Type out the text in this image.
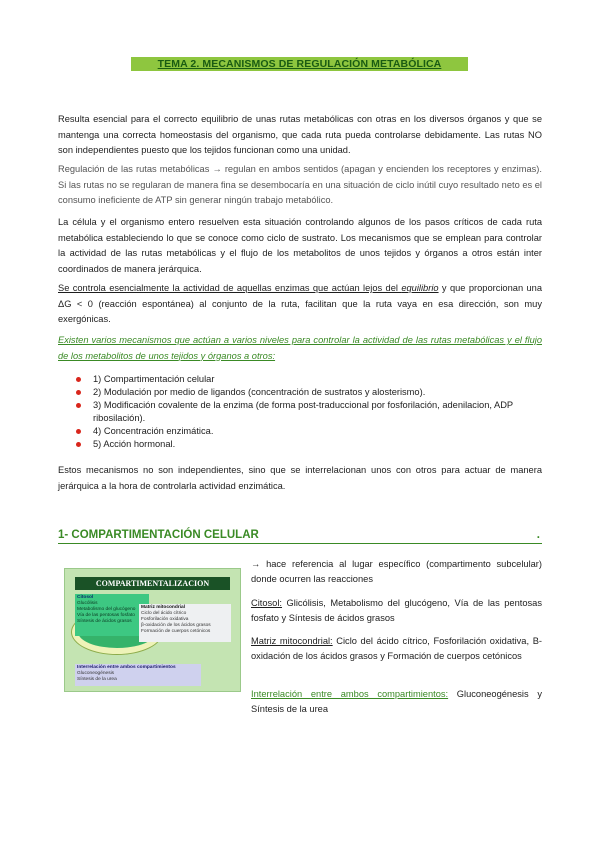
TEMA 2. MECANISMOS DE REGULACIÓN METABÓLICA
Resulta esencial para el correcto equilibrio de unas rutas metabólicas con otras en los diversos órganos y que se mantenga una correcta homeostasis del organismo, que cada ruta pueda controlarse debidamente. Las rutas NO son independientes puesto que los tejidos funcionan como una unidad.
Regulación de las rutas metabólicas → regulan en ambos sentidos (apagan y encienden los receptores y enzimas). Si las rutas no se regularan de manera fina se desembocaría en una situación de ciclo inútil cuyo resultado neto es el consumo ineficiente de ATP sin generar ningún trabajo metabólico.
La célula y el organismo entero resuelven esta situación controlando algunos de los pasos críticos de cada ruta metabólica estableciendo lo que se conoce como ciclo de sustrato. Los mecanismos que se emplean para controlar la actividad de las rutas metabólicas y el flujo de los metabolitos de unos tejidos y órganos a otros están inter coordinados de manera jerárquica.
Se controla esencialmente la actividad de aquellas enzimas que actúan lejos del equilibrio y que proporcionan una ΔG < 0 (reacción espontánea) al conjunto de la ruta, facilitan que la ruta vaya en esa dirección, son muy exergónicas.
Existen varios mecanismos que actúan a varios niveles para controlar la actividad de las rutas metabólicas y el flujo de los metabolitos de unos tejidos y órganos a otros:
1) Compartimentación celular
2) Modulación por medio de ligandos (concentración de sustratos y alosterismo).
3) Modificación covalente de la enzima (de forma post-traduccional por fosforilación, adenilacion, ADP ribosilación).
4) Concentración enzimática.
5) Acción hormonal.
Estos mecanismos no son independientes, sino que se interrelacionan unos con otros para actuar de manera jerárquica a la hora de controlarla actividad enzimática.
1- COMPARTIMENTACIÓN CELULAR	.
COMPARTIMENTALIZACION
Citosol
Glucólisis
Metabolismo del glucógeno
Vía de las pentosas fosfato
Síntesis de ácidos grasos
Matriz mitocondrial
Ciclo del ácido cítrico
Fosforilación oxidativa
β-oxidación de los ácidos grasos
Formación de cuerpos cetónicos
Interrelación entre ambos compartimientos
Gluconeogénesis
Síntesis de la urea
→ hace referencia al lugar específico (compartimento subcelular) donde ocurren las reacciones
Citosol: Glicólisis, Metabolismo del glucógeno, Vía de las pentosas fosfato y Síntesis de ácidos grasos
Matriz mitocondrial: Ciclo del ácido cítrico, Fosforilación oxidativa, B-oxidación de los ácidos grasos y Formación de cuerpos cetónicos
Interrelación entre ambos compartimientos: Gluconeogénesis y Síntesis de la urea
